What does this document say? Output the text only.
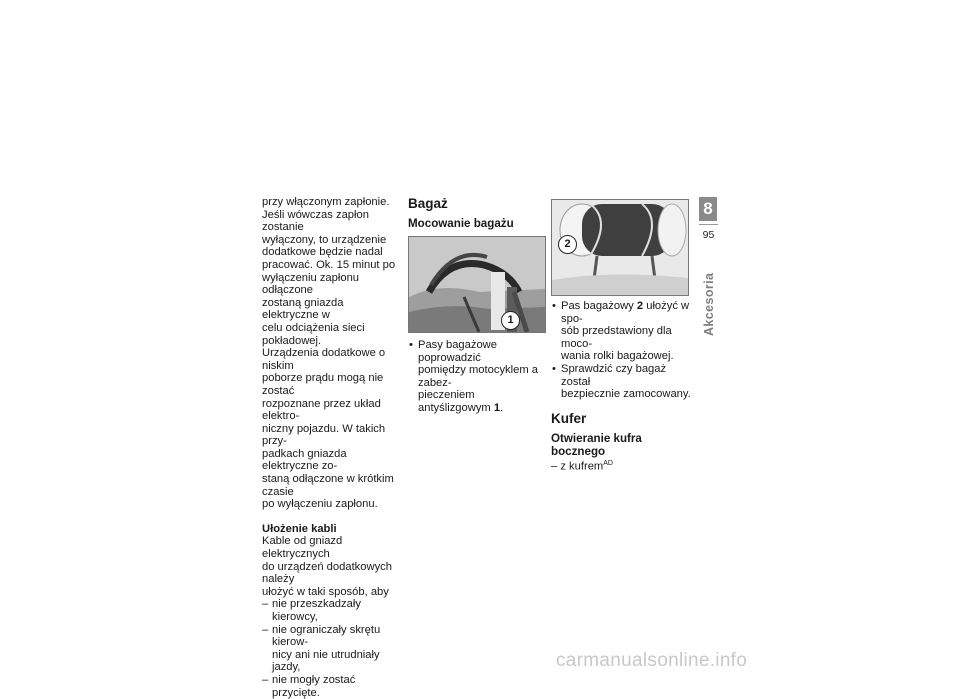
przy włączonym zapłonie.
Jeśli wówczas zapłon zostanie
wyłączony, to urządzenie
dodatkowe będzie nadal
pracować. Ok. 15 minut po
wyłączeniu zapłonu odłączone
zostaną gniazda elektryczne w
celu odciążenia sieci pokładowej.
Urządzenia dodatkowe o niskim
poborze prądu mogą nie zostać
rozpoznane przez układ elektro-
niczny pojazdu. W takich przy-
padkach gniazda elektryczne zo-
staną odłączone w krótkim czasie
po wyłączeniu zapłonu.

Ułożenie kabli

Kable od gniazd elektrycznych
do urządzeń dodatkowych należy
ułożyć w taki sposób, aby

– nie przeszkadzały kierowcy,
– nie ograniczały skrętu kierow-
nicy ani nie utrudniały jazdy,
– nie mogły zostać przycięte.
Bagaż
Mocowanie bagażu
1
• Pasy bagażowe poprowadzić
pomiędzy motocyklem a zabez-
pieczeniem antyślizgowym 1.
2
• Pas bagażowy 2 ułożyć w spo-
sób przedstawiony dla moco-
wania rolki bagażowej.
• Sprawdzić czy bagaż został
bezpiecznie zamocowany.
Kufer
Otwieranie kufra
bocznego
– z kufrem$^{AD}$
8
95
Akcesoria
carmanualsonline.info
